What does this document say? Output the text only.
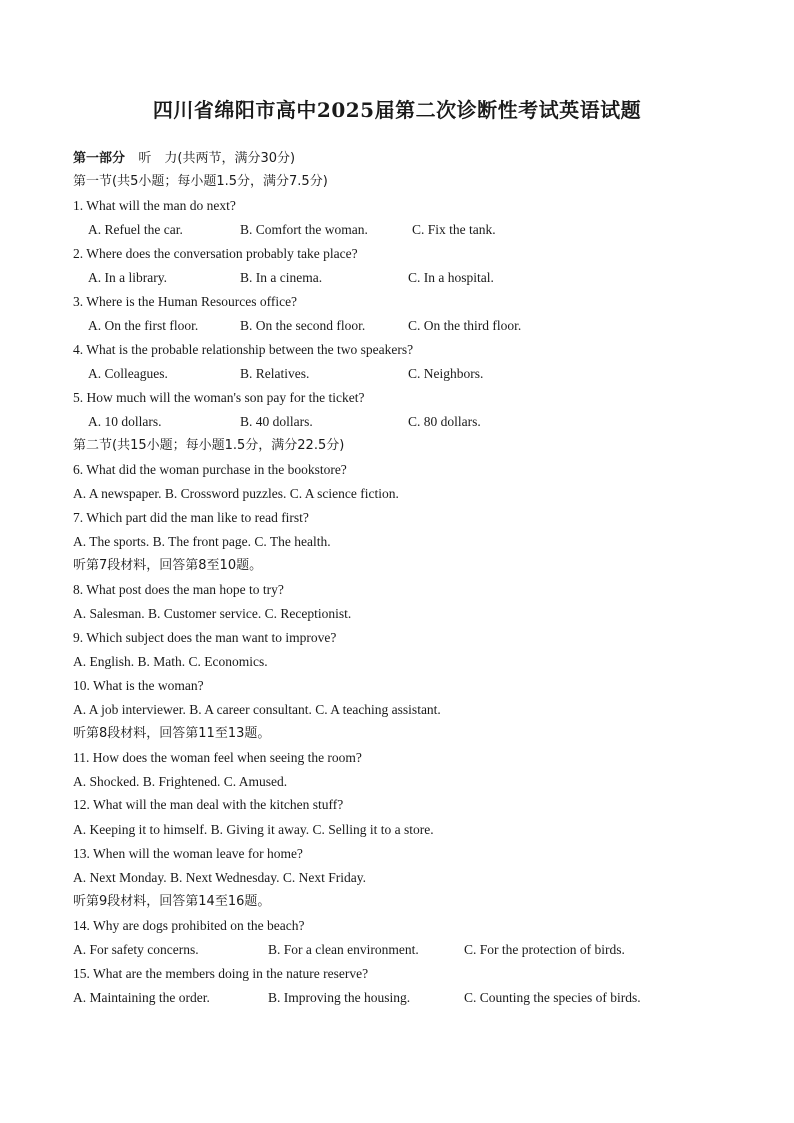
四川省绵阳市高中2025届第二次诊断性考试英语试题
第一部分 听　力(共两节，满分30分)
第一节(共5小题；每小题1.5分，满分7.5分)
1. What will the man do next?
A. Refuel the car.	B. Comfort the woman.	C. Fix the tank.
2. Where does the conversation probably take place?
A. In a library.	B. In a cinema.	C. In a hospital.
3. Where is the Human Resources office?
A. On the first floor.	B. On the second floor.	C. On the third floor.
4. What is the probable relationship between the two speakers?
A. Colleagues.	B. Relatives.	C. Neighbors.
5. How much will the woman's son pay for the ticket?
A. 10 dollars.	B. 40 dollars.	C. 80 dollars.
第二节(共15小题；每小题1.5分，满分22.5分)
6. What did the woman purchase in the bookstore?
A. A newspaper. B. Crossword puzzles. C. A science fiction.
7. Which part did the man like to read first?
A. The sports. B. The front page. C. The health.
听第7段材料，回答第8至10题。
8. What post does the man hope to try?
A. Salesman. B. Customer service. C. Receptionist.
9. Which subject does the man want to improve?
A. English. B. Math. C. Economics.
10. What is the woman?
A. A job interviewer. B. A career consultant. C. A teaching assistant.
听第8段材料，回答第11至13题。
11. How does the woman feel when seeing the room?
A. Shocked. B. Frightened. C. Amused.
12. What will the man deal with the kitchen stuff?
A. Keeping it to himself. B. Giving it away. C. Selling it to a store.
13. When will the woman leave for home?
A. Next Monday. B. Next Wednesday. C. Next Friday.
听第9段材料，回答第14至16题。
14. Why are dogs prohibited on the beach?
A. For safety concerns.	B. For a clean environment.	C. For the protection of birds.
15. What are the members doing in the nature reserve?
A. Maintaining the order.	B. Improving the housing.	C. Counting the species of birds.
